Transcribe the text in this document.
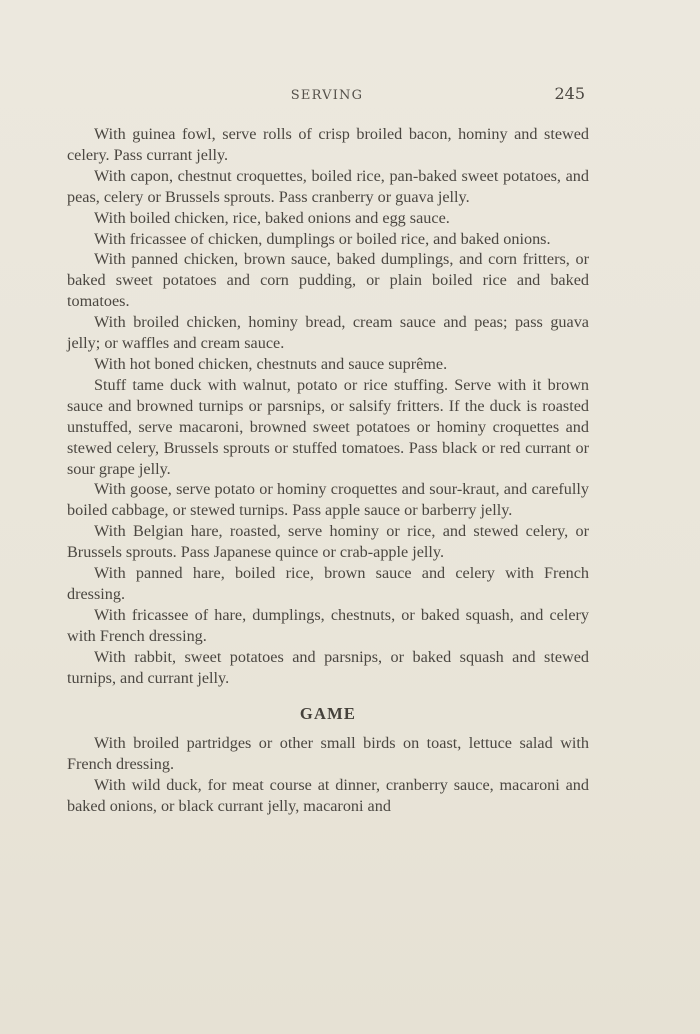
SERVING	245

With guinea fowl, serve rolls of crisp broiled bacon, hominy and stewed celery. Pass currant jelly.

With capon, chestnut croquettes, boiled rice, pan-baked sweet potatoes, and peas, celery or Brussels sprouts. Pass cranberry or guava jelly.

With boiled chicken, rice, baked onions and egg sauce.

With fricassee of chicken, dumplings or boiled rice, and baked onions.

With panned chicken, brown sauce, baked dumplings, and corn fritters, or baked sweet potatoes and corn pudding, or plain boiled rice and baked tomatoes.

With broiled chicken, hominy bread, cream sauce and peas; pass guava jelly; or waffles and cream sauce.

With hot boned chicken, chestnuts and sauce suprême.

Stuff tame duck with walnut, potato or rice stuffing. Serve with it brown sauce and browned turnips or parsnips, or salsify fritters. If the duck is roasted unstuffed, serve macaroni, browned sweet potatoes or hominy croquettes and stewed celery, Brussels sprouts or stuffed tomatoes. Pass black or red currant or sour grape jelly.

With goose, serve potato or hominy croquettes and sour-kraut, and carefully boiled cabbage, or stewed turnips. Pass apple sauce or barberry jelly.

With Belgian hare, roasted, serve hominy or rice, and stewed celery, or Brussels sprouts. Pass Japanese quince or crab-apple jelly.

With panned hare, boiled rice, brown sauce and celery with French dressing.

With fricassee of hare, dumplings, chestnuts, or baked squash, and celery with French dressing.

With rabbit, sweet potatoes and parsnips, or baked squash and stewed turnips, and currant jelly.

GAME

With broiled partridges or other small birds on toast, lettuce salad with French dressing.

With wild duck, for meat course at dinner, cranberry sauce, macaroni and baked onions, or black currant jelly, macaroni and
